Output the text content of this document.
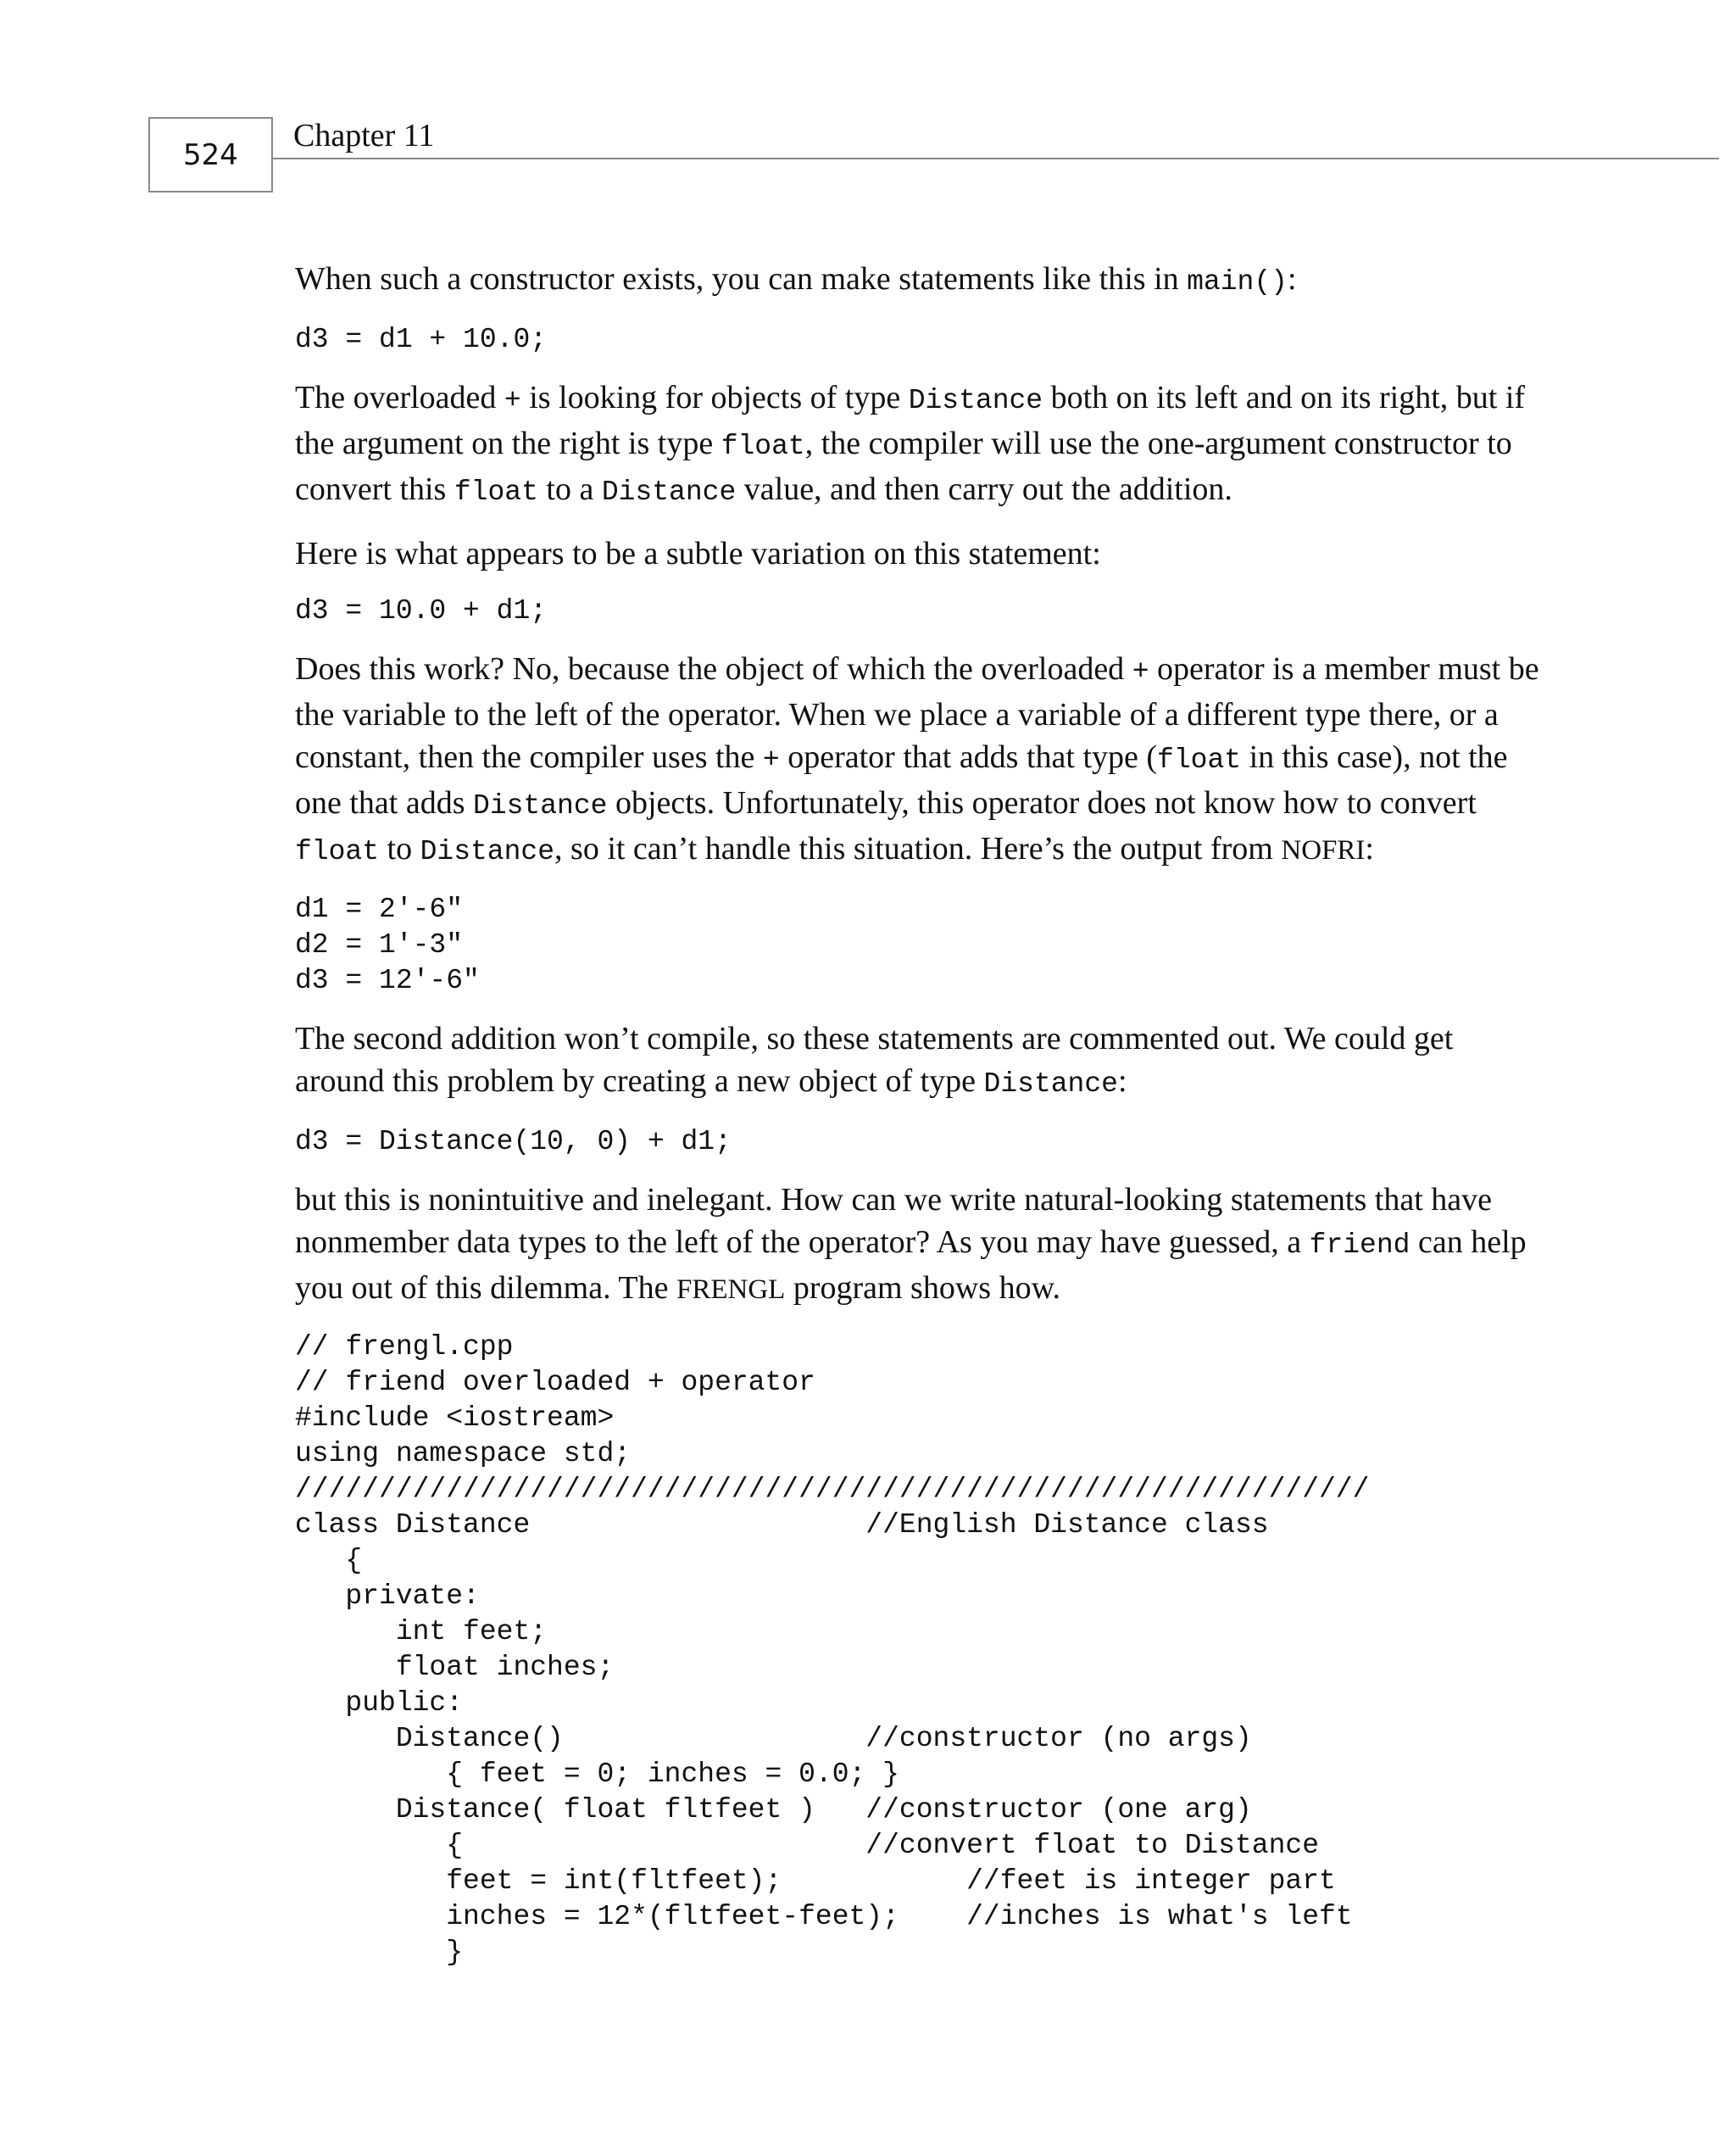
524
Chapter 11

When such a constructor exists, you can make statements like this in main():

d3 = d1 + 10.0;

The overloaded + is looking for objects of type Distance both on its left and on its right, but if the argument on the right is type float, the compiler will use the one-argument constructor to convert this float to a Distance value, and then carry out the addition.

Here is what appears to be a subtle variation on this statement:

d3 = 10.0 + d1;

Does this work? No, because the object of which the overloaded + operator is a member must be the variable to the left of the operator. When we place a variable of a different type there, or a constant, then the compiler uses the + operator that adds that type (float in this case), not the one that adds Distance objects. Unfortunately, this operator does not know how to convert float to Distance, so it can’t handle this situation. Here’s the output from NOFRI:

d1 = 2'-6"
d2 = 1'-3"
d3 = 12'-6"

The second addition won’t compile, so these statements are commented out. We could get around this problem by creating a new object of type Distance:

d3 = Distance(10, 0) + d1;

but this is nonintuitive and inelegant. How can we write natural-looking statements that have nonmember data types to the left of the operator? As you may have guessed, a friend can help you out of this dilemma. The FRENGL program shows how.

// frengl.cpp
// friend overloaded + operator
#include <iostream>
using namespace std;
////////////////////////////////////////////////////////////////
class Distance                    //English Distance class
{
private:
int feet;
float inches;
public:
Distance()                  //constructor (no args)
{ feet = 0; inches = 0.0; }
Distance( float fltfeet )   //constructor (one arg)
{                        //convert float to Distance
feet = int(fltfeet);           //feet is integer part
inches = 12*(fltfeet-feet);    //inches is what's left
}
